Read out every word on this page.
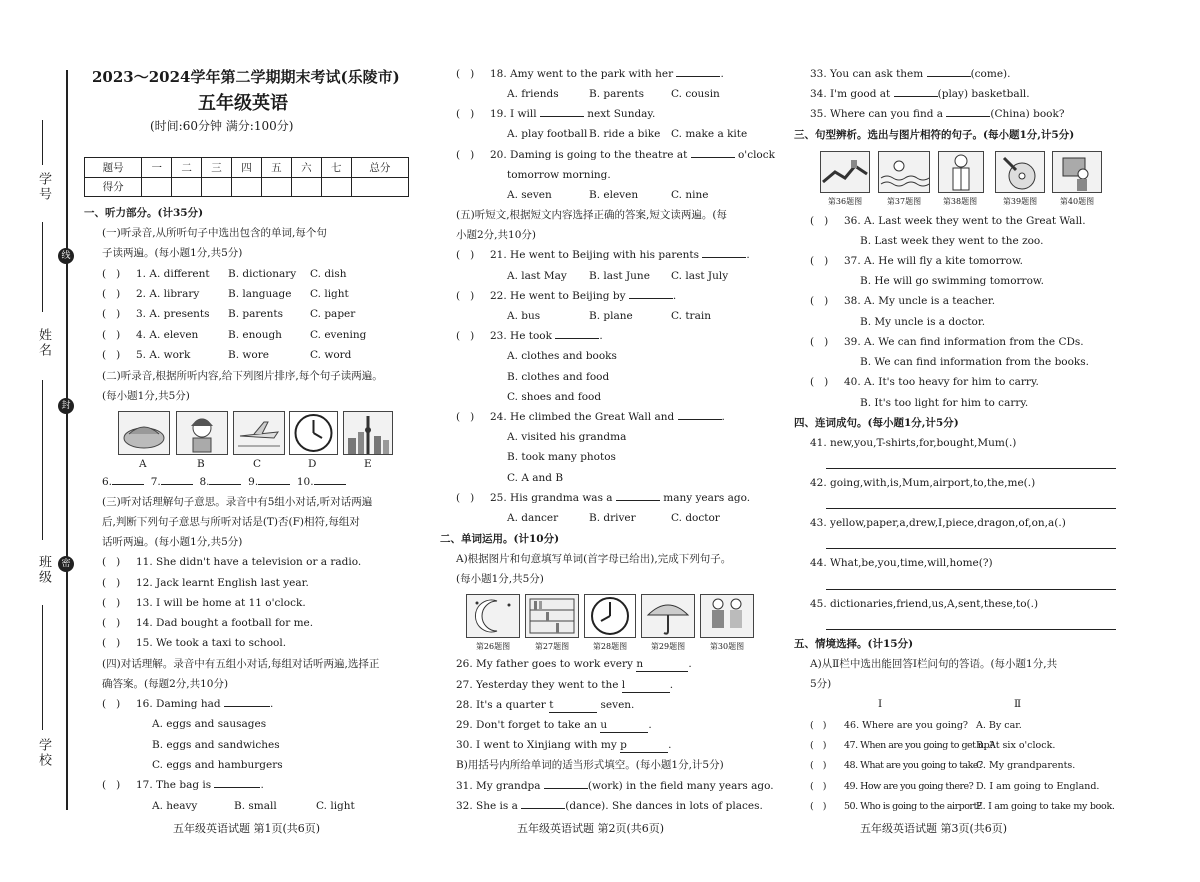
学号
姓名
班级
学校
线
封
密
2023～2024学年第二学期期末考试(乐陵市)
五年级英语
(时间:60分钟 满分:100分)
题号	一	二	三	四	五	六	七	总分
得分								
一、听力部分。(计35分)
(一)听录音,从所听句子中选出包含的单词,每个句
子读两遍。(每小题1分,共5分)
(   ) 1. A. different B. dictionary C. dish
(   ) 2. A. library	B. language C. light
(   ) 3. A. presents B. parents	C. paper
(   ) 4. A. eleven	B. enough	C. evening
(   ) 5. A. work	B. wore	C. word
(二)听录音,根据所听内容,给下列图片排序,每个句子读两遍。
(每小题1分,共5分)
A	B	C	D	E
6.	7.	8.	9.	10.
(三)听对话理解句子意思。录音中有5组小对话,听对话两遍
后,判断下列句子意思与所听对话是(T)否(F)相符,每组对
话听两遍。(每小题1分,共5分)
(   ) 11. She didn't have a television or a radio.
(   ) 12. Jack learnt English last year.
(   ) 13. I will be home at 11 o'clock.
(   ) 14. Dad bought a football for me.
(   ) 15. We took a taxi to school.
(四)对话理解。录音中有五组小对话,每组对话听两遍,选择正
确答案。(每题2分,共10分)
(   ) 16. Daming had	.
A. eggs and sausages
B. eggs and sandwiches
C. eggs and hamburgers
(   ) 17. The bag is	.
A. heavy	B. small	C. light
五年级英语试题 第1页(共6页)
(   ) 18. Amy went to the park with her	.
A. friends	B. parents	C. cousin
(   ) 19. I will	next Sunday.
A. play football B. ride a bike C. make a kite
(   ) 20. Daming is going to the theatre at	o'clock
tomorrow morning.
A. seven	B. eleven	C. nine
(五)听短文,根据短文内容选择正确的答案,短文读两遍。(每
小题2分,共10分)
(   ) 21. He went to Beijing with his parents	.
A. last May B. last June C. last July
(   ) 22. He went to Beijing by	.
A. bus	B. plane	C. train
(   ) 23. He took	.
A. clothes and books
B. clothes and food
C. shoes and food
(   ) 24. He climbed the Great Wall and	.
A. visited his grandma
B. took many photos
C. A and B
(   ) 25. His grandma was a	many years ago.
A. dancer	B. driver	C. doctor
二、单词运用。(计10分)
A)根据图片和句意填写单词(首字母已给出),完成下列句子。
(每小题1分,共5分)
第26题图	第27题图	第28题图	第29题图	第30题图
26. My father goes to work every n	.
27. Yesterday they went to the l	.
28. It's a quarter t	seven.
29. Don't forget to take an u	.
30. I went to Xinjiang with my p	.
B)用括号内所给单词的适当形式填空。(每小题1分,计5分)
31. My grandpa	(work) in the field many years ago.
32. She is a	(dance). She dances in lots of places.
五年级英语试题 第2页(共6页)
33. You can ask them	(come).
34. I'm good at	(play) basketball.
35. Where can you find a	(China) book?
三、句型辨析。选出与图片相符的句子。(每小题1分,计5分)
第36题图	第37题图	第38题图	第39题图	第40题图
(   ) 36. A. Last week they went to the Great Wall.
B. Last week they went to the zoo.
(   ) 37. A. He will fly a kite tomorrow.
B. He will go swimming tomorrow.
(   ) 38. A. My uncle is a teacher.
B. My uncle is a doctor.
(   ) 39. A. We can find information from the CDs.
B. We can find information from the books.
(   ) 40. A. It's too heavy for him to carry.
B. It's too light for him to carry.
四、连词成句。(每小题1分,计5分)
41. new,you,T-shirts,for,bought,Mum(.)
42. going,with,is,Mum,airport,to,the,me(.)
43. yellow,paper,a,drew,I,piece,dragon,of,on,a(.)
44. What,be,you,time,will,home(?)
45. dictionaries,friend,us,A,sent,these,to(.)
五、情境选择。(计15分)
A)从Ⅱ栏中选出能回答Ⅰ栏问句的答语。(每小题1分,共
5分)
Ⅰ	Ⅱ
(   ) 46. Where are you going? A. By car.
(   ) 47. When are you going to get up?B. At six o'clock.
(   ) 48. What are you going to take?C. My grandparents.
(   ) 49. How are you going there? D. I am going to England.
(   ) 50. Who is going to the airport?E. I am going to take my book.
五年级英语试题 第3页(共6页)
